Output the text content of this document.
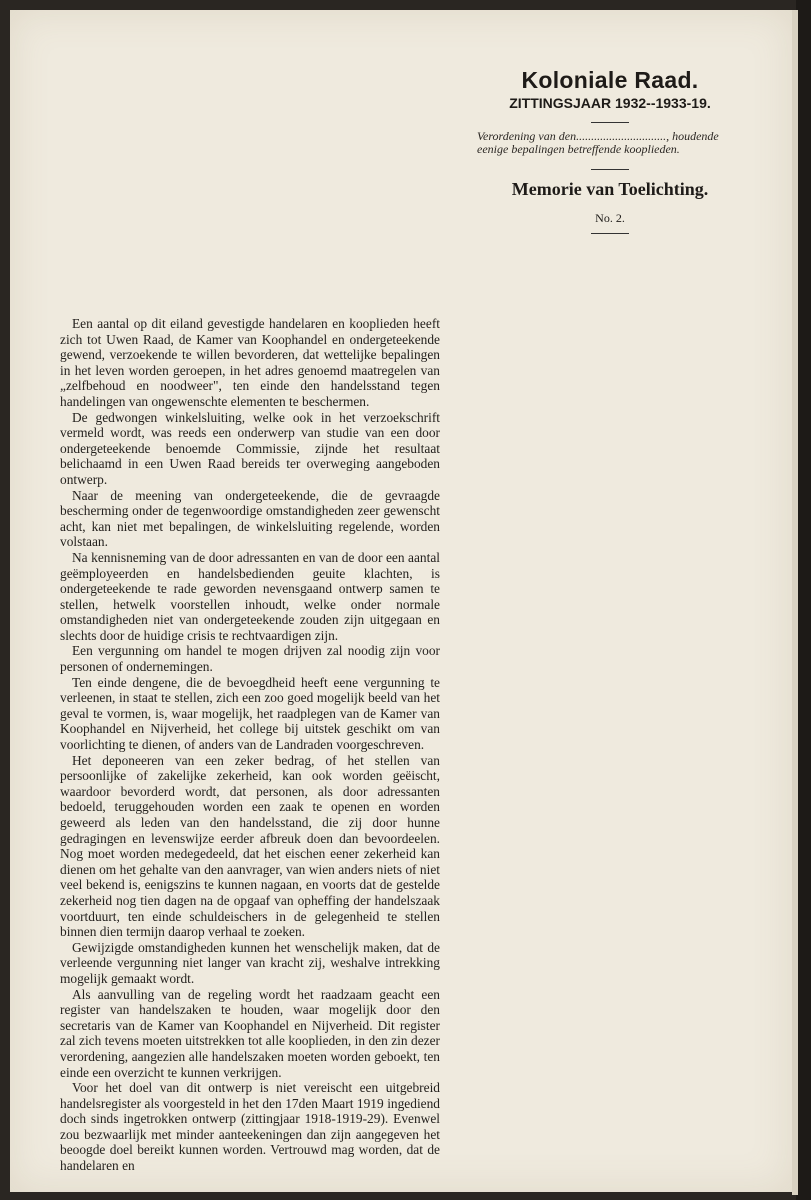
Koloniale Raad.
ZITTINGSJAAR 1932--1933-19.
Verordening van den.............................., houdende eenige bepalingen betreffende kooplieden.
Memorie van Toelichting.
No. 2.

Een aantal op dit eiland gevestigde handelaren en kooplieden heeft zich tot Uwen Raad, de Kamer van Koophandel en ondergeteekende gewend, verzoekende te willen bevorderen, dat wettelijke bepalingen in het leven worden geroepen, in het adres genoemd maatregelen van „zelfbehoud en noodweer", ten einde den handelsstand tegen handelingen van ongewenschte elementen te beschermen.

De gedwongen winkelsluiting, welke ook in het verzoekschrift vermeld wordt, was reeds een onderwerp van studie van een door ondergeteekende benoemde Commissie, zijnde het resultaat belichaamd in een Uwen Raad bereids ter overweging aangeboden ontwerp.

Naar de meening van ondergeteekende, die de gevraagde bescherming onder de tegenwoordige omstandigheden zeer gewenscht acht, kan niet met bepalingen, de winkelsluiting regelende, worden volstaan.

Na kennisneming van de door adressanten en van de door een aantal geëmployeerden en handelsbedienden geuite klachten, is ondergeteekende te rade geworden nevensgaand ontwerp samen te stellen, hetwelk voorstellen inhoudt, welke onder normale omstandigheden niet van ondergeteekende zouden zijn uitgegaan en slechts door de huidige crisis te rechtvaardigen zijn.

Een vergunning om handel te mogen drijven zal noodig zijn voor personen of ondernemingen.

Ten einde dengene, die de bevoegdheid heeft eene vergunning te verleenen, in staat te stellen, zich een zoo goed mogelijk beeld van het geval te vormen, is, waar mogelijk, het raadplegen van de Kamer van Koophandel en Nijverheid, het college bij uitstek geschikt om van voorlichting te dienen, of anders van de Landraden voorgeschreven.

Het deponeeren van een zeker bedrag, of het stellen van persoonlijke of zakelijke zekerheid, kan ook worden geëischt, waardoor bevorderd wordt, dat personen, als door adressanten bedoeld, teruggehouden worden een zaak te openen en worden geweerd als leden van den handelsstand, die zij door hunne gedragingen en levenswijze eerder afbreuk doen dan bevoordeelen. Nog moet worden medegedeeld, dat het eischen eener zekerheid kan dienen om het gehalte van den aanvrager, van wien anders niets of niet veel bekend is, eenigszins te kunnen nagaan, en voorts dat de gestelde zekerheid nog tien dagen na de opgaaf van opheffing der handelszaak voortduurt, ten einde schuldeischers in de gelegenheid te stellen binnen dien termijn daarop verhaal te zoeken.

Gewijzigde omstandigheden kunnen het wenschelijk maken, dat de verleende vergunning niet langer van kracht zij, weshalve intrekking mogelijk gemaakt wordt.

Als aanvulling van de regeling wordt het raadzaam geacht een register van handelszaken te houden, waar mogelijk door den secretaris van de Kamer van Koophandel en Nijverheid. Dit register zal zich tevens moeten uitstrekken tot alle kooplieden, in den zin dezer verordening, aangezien alle handelszaken moeten worden geboekt, ten einde een overzicht te kunnen verkrijgen.

Voor het doel van dit ontwerp is niet vereischt een uitgebreid handelsregister als voorgesteld in het den 17den Maart 1919 ingediend doch sinds ingetrokken ontwerp (zittingjaar 1918-1919-29). Evenwel zou bezwaarlijk met minder aanteekeningen dan zijn aangegeven het beoogde doel bereikt kunnen worden. Vertrouwd mag worden, dat de handelaren en
